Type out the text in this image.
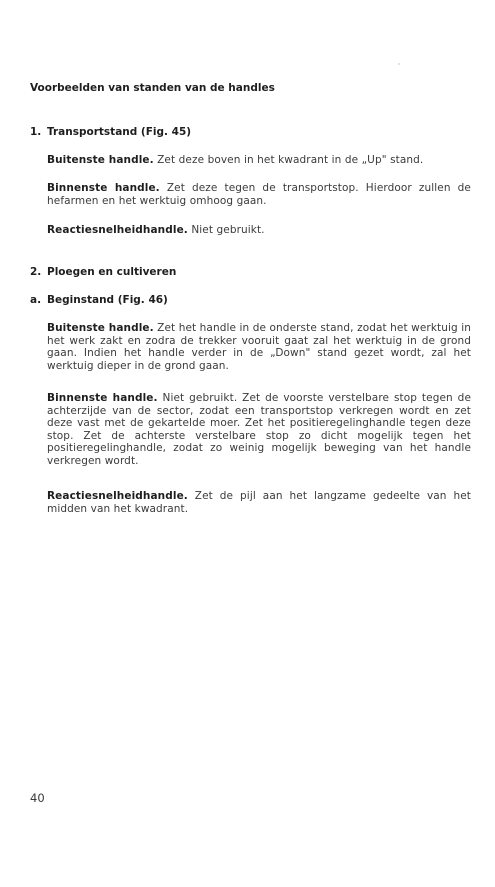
'
Voorbeelden van standen van de handles
1. Transportstand (Fig. 45)

Buitenste handle. Zet deze boven in het kwadrant in de „Up" stand.

Binnenste handle. Zet deze tegen de transportstop. Hierdoor zullen de hefarmen en het werktuig omhoog gaan.

Reactiesnelheidhandle. Niet gebruikt.

2. Ploegen en cultiveren
a. Beginstand (Fig. 46)

Buitenste handle. Zet het handle in de onderste stand, zodat het werktuig in het werk zakt en zodra de trekker vooruit gaat zal het werktuig in de grond gaan. Indien het handle verder in de „Down" stand gezet wordt, zal het werktuig dieper in de grond gaan.

Binnenste handle. Niet gebruikt. Zet de voorste verstelbare stop tegen de achterzijde van de sector, zodat een transportstop verkregen wordt en zet deze vast met de gekartelde moer. Zet het positieregelinghandle tegen deze stop. Zet de achterste verstelbare stop zo dicht mogelijk tegen het positieregelinghandle, zodat zo weinig mogelijk beweging van het handle verkregen wordt.

Reactiesnelheidhandle. Zet de pijl aan het langzame gedeelte van het midden van het kwadrant.

40
